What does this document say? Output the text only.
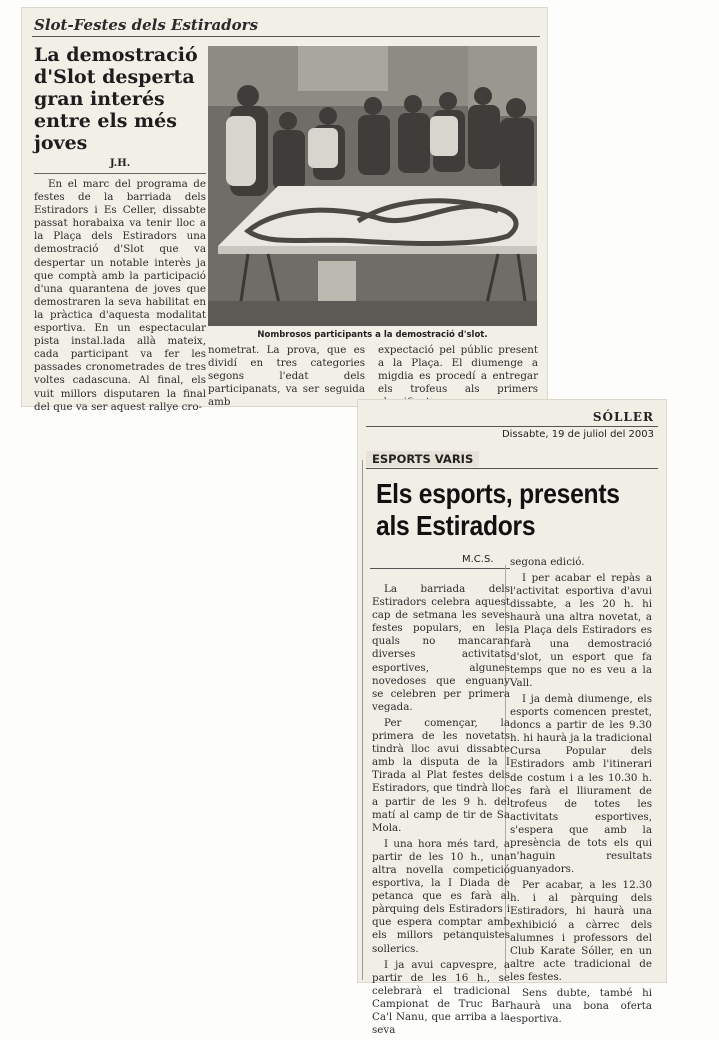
Slot-Festes dels Estiradors
La demostració d'Slot desperta gran interés entre els més joves
J.H.
En el marc del programa de festes de la barriada dels Estiradors i Es Celler, dissabte passat horabaixa va tenir lloc a la Plaça dels Estiradors una demostració d'Slot que va despertar un notable interès ja que comptà amb la participació d'una quarantena de joves que demostraren la seva habilitat en la pràctica d'aquesta modalitat esportiva. En un espectacular pista instal.lada allà mateix, cada participant va fer les passades cronometrades de tres voltes cadascuna. Al final, els vuit millors disputaren la final del que va ser aquest rallye cro-
Nombrosos participants a la demostració d'slot.
nometrat. La prova, que es dividí en tres categories segons l'edat dels participanats, va ser seguida amb
expectació pel públic present a la Plaça. El diumenge a migdia es procedí a entregar els trofeus als primers
SÓLLER
Dissabte, 19 de juliol del 2003
ESPORTS VARIS
Els esports, presents als Estiradors
M.C.S.

La barriada dels Estiradors celebra aquest cap de setmana les seves festes populars, en les quals no mancaran diverses activitats esportives, algunes novedoses que enguany se celebren per primera vegada.

Per començar, la primera de les novetats tindrà lloc avui dissabte amb la disputa de la I Tirada al Plat festes dels Estiradors, que tindrà lloc a partir de les 9 h. del matí al camp de tir de Sa Mola.

I una hora més tard, a partir de les 10 h., una altra novella competició esportiva, la I Diada de petanca que es farà al pàrquing dels Estiradors i que espera comptar amb els millors petanquistes sollerics.

I ja avui capvespre, a partir de les 16 h., se celebrarà el tradicional Campionat de Truc Bar Ca'l Nanu, que arriba a la seva

segona edició.

I per acabar el repàs a l'activitat esportiva d'avui dissabte, a les 20 h. hi haurà una altra novetat, a la Plaça dels Estiradors es farà una demostració d'slot, un esport que fa temps que no es veu a la Vall.

I ja demà diumenge, els esports comencen prestet, doncs a partir de les 9.30 h. hi haurà ja la tradicional Cursa Popular dels Estiradors amb l'itinerari de costum i a les 10.30 h. es farà el lliurament de trofeus de totes les activitats esportives, s'espera que amb la presència de tots els qui n'haguin resultats guanyadors.

Per acabar, a les 12.30 h. i al pàrquing dels Estiradors, hi haurà una exhibició a càrrec dels alumnes i professors del Club Karate Sóller, en un altre acte tradicional de les festes.

Sens dubte, també hi haurà una bona oferta esportiva.
